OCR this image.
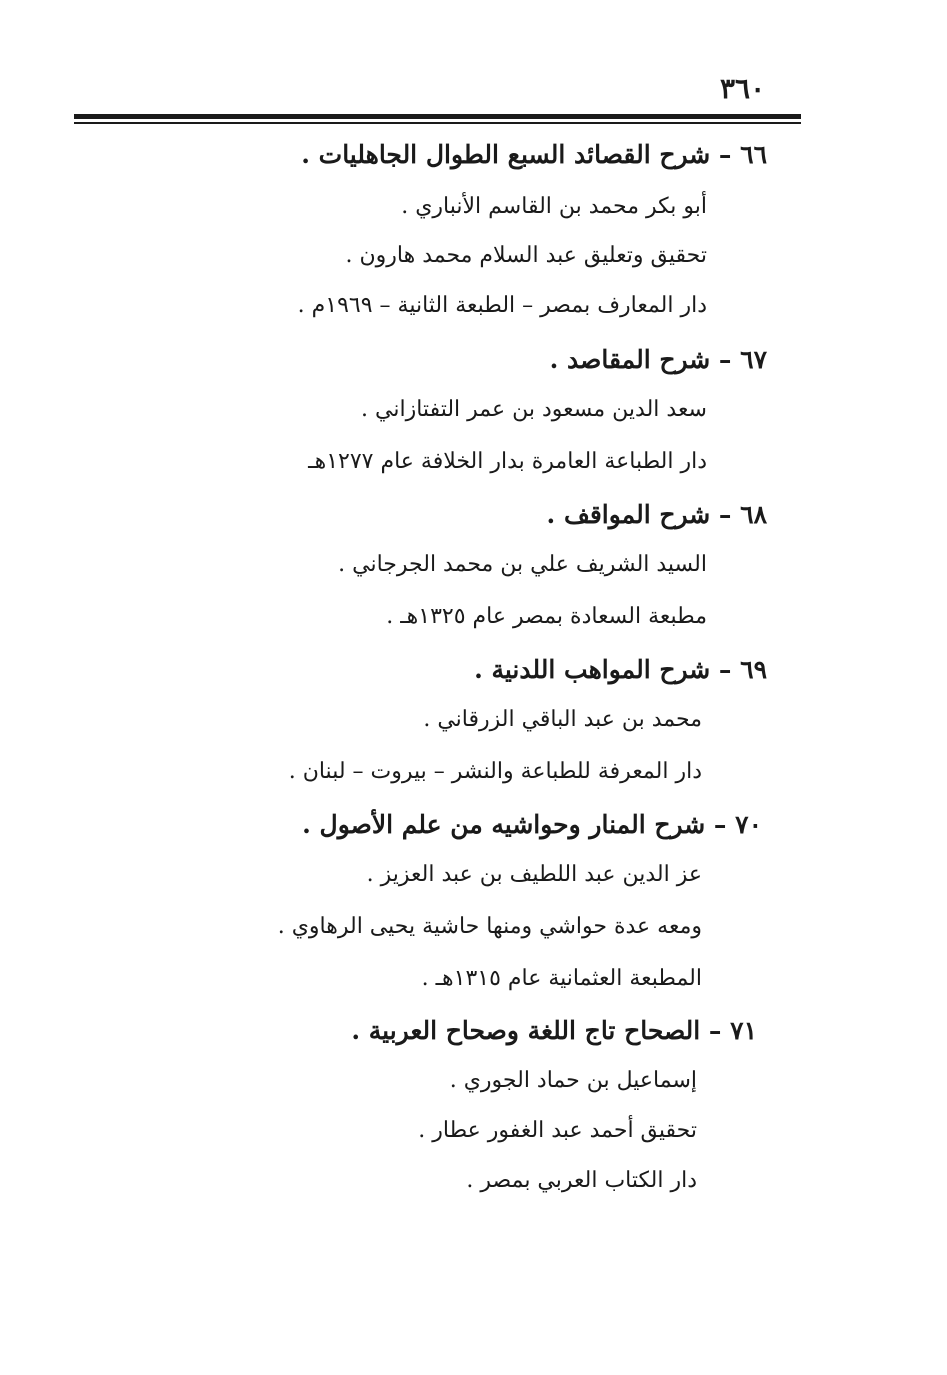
٣٦٠
٦٦ – شرح القصائد السبع الطوال الجاهليات .
أبو بكر محمد بن القاسم الأنباري .
تحقيق وتعليق عبد السلام محمد هارون .
دار المعارف بمصر – الطبعة الثانية – ١٩٦٩م .
٦٧ – شرح المقاصد .
سعد الدين مسعود بن عمر التفتازاني .
دار الطباعة العامرة بدار الخلافة عام ١٢٧٧هـ
٦٨ – شرح المواقف .
السيد الشريف علي بن محمد الجرجاني .
مطبعة السعادة بمصر عام ١٣٢٥هـ .
٦٩ – شرح المواهب اللدنية .
محمد بن عبد الباقي الزرقاني .
دار المعرفة للطباعة والنشر – بيروت – لبنان .
٧٠ – شرح المنار وحواشيه من علم الأصول .
عز الدين عبد اللطيف بن عبد العزيز .
ومعه عدة حواشي ومنها حاشية يحيى الرهاوي .
المطبعة العثمانية عام ١٣١٥هـ .
٧١ – الصحاح تاج اللغة وصحاح العربية .
إسماعيل بن حماد الجوري .
تحقيق أحمد عبد الغفور عطار .
دار الكتاب العربي بمصر .
